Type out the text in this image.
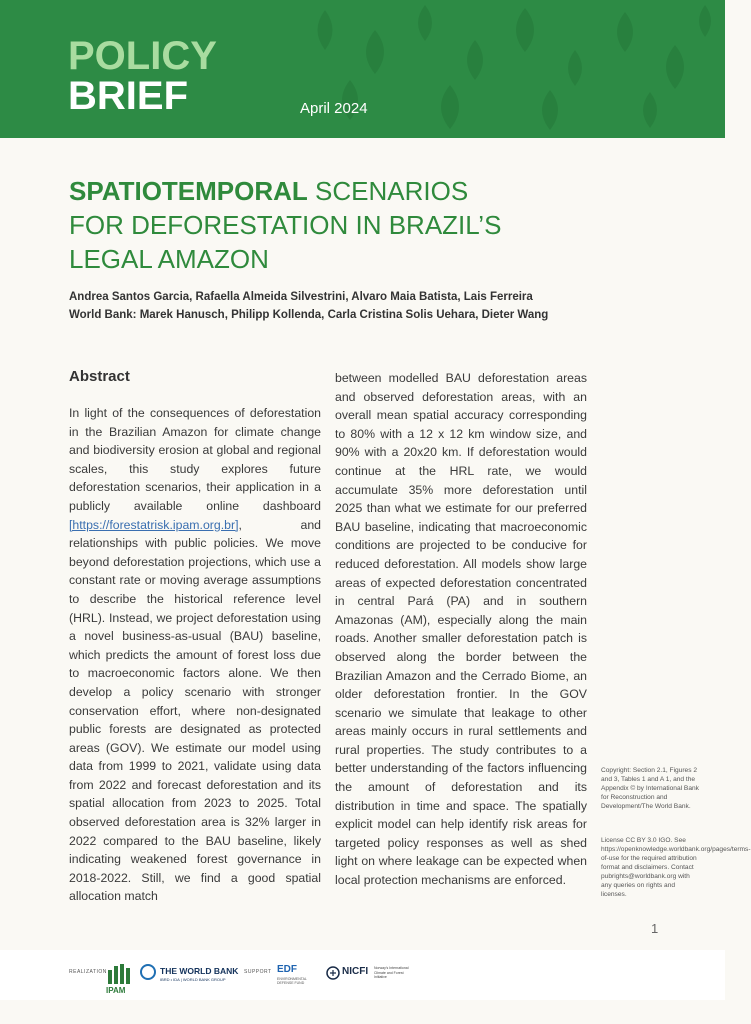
POLICY
BRIEF	April 2024
SPATIOTEMPORAL SCENARIOS
FOR DEFORESTATION IN BRAZIL’S
LEGAL AMAZON
Andrea Santos Garcia, Rafaella Almeida Silvestrini, Alvaro Maia Batista, Lais Ferreira
World Bank: Marek Hanusch, Philipp Kollenda, Carla Cristina Solis Uehara, Dieter Wang
Abstract
In light of the consequences of deforestation in the Brazilian Amazon for climate change and biodiversity erosion at global and regional scales, this study explores future deforestation scenarios, their application in a publicly available online dashboard [https://forestatrisk.ipam.org.br], and relationships with public policies. We move beyond deforestation projections, which use a constant rate or moving average assumptions to describe the historical reference level (HRL). Instead, we project deforestation using a novel business-as-usual (BAU) baseline, which predicts the amount of forest loss due to macroeconomic factors alone. We then develop a policy scenario with stronger conservation effort, where non-designated public forests are designated as protected areas (GOV). We estimate our model using data from 1999 to 2021, validate using data from 2022 and forecast deforestation and its spatial allocation from 2023 to 2025. Total observed deforestation area is 32% larger in 2022 compared to the BAU baseline, likely indicating weakened forest governance in 2018-2022. Still, we find a good spatial allocation match
between modelled BAU deforestation areas and observed deforestation areas, with an overall mean spatial accuracy corresponding to 80% with a 12 x 12 km window size, and 90% with a 20x20 km. If deforestation would continue at the HRL rate, we would accumulate 35% more deforestation until 2025 than what we estimate for our preferred BAU baseline, indicating that macroeconomic conditions are projected to be conducive for reduced deforestation. All models show large areas of expected deforestation concentrated in central Pará (PA) and in southern Amazonas (AM), especially along the main roads. Another smaller deforestation patch is observed along the border between the Brazilian Amazon and the Cerrado Biome, an older deforestation frontier. In the GOV scenario we simulate that leakage to other areas mainly occurs in rural settlements and rural properties. The study contributes to a better understanding of the factors influencing the amount of deforestation and its distribution in time and space. The spatially explicit model can help identify risk areas for targeted policy responses as well as shed light on where leakage can be expected when local protection mechanisms are enforced.
Copyright: Section 2.1, Figures 2 and 3, Tables 1 and A 1, and the Appendix © by International Bank for Reconstruction and Development/The World Bank.
License CC BY 3.0 IGO. See https://openknowledge.worldbank.org/pages/terms-of-use for the required attribution format and disclaimers. Contact pubrights@worldbank.org with any queries on rights and licenses.
1
REALIZATION	SUPPORT
IPAM
THE WORLD BANK
IBRD • IDA | WORLD BANK GROUP
EDF
ENVIRONMENTAL DEFENSE FUND
NICFI Norway's International Climate and Forest Initiative
